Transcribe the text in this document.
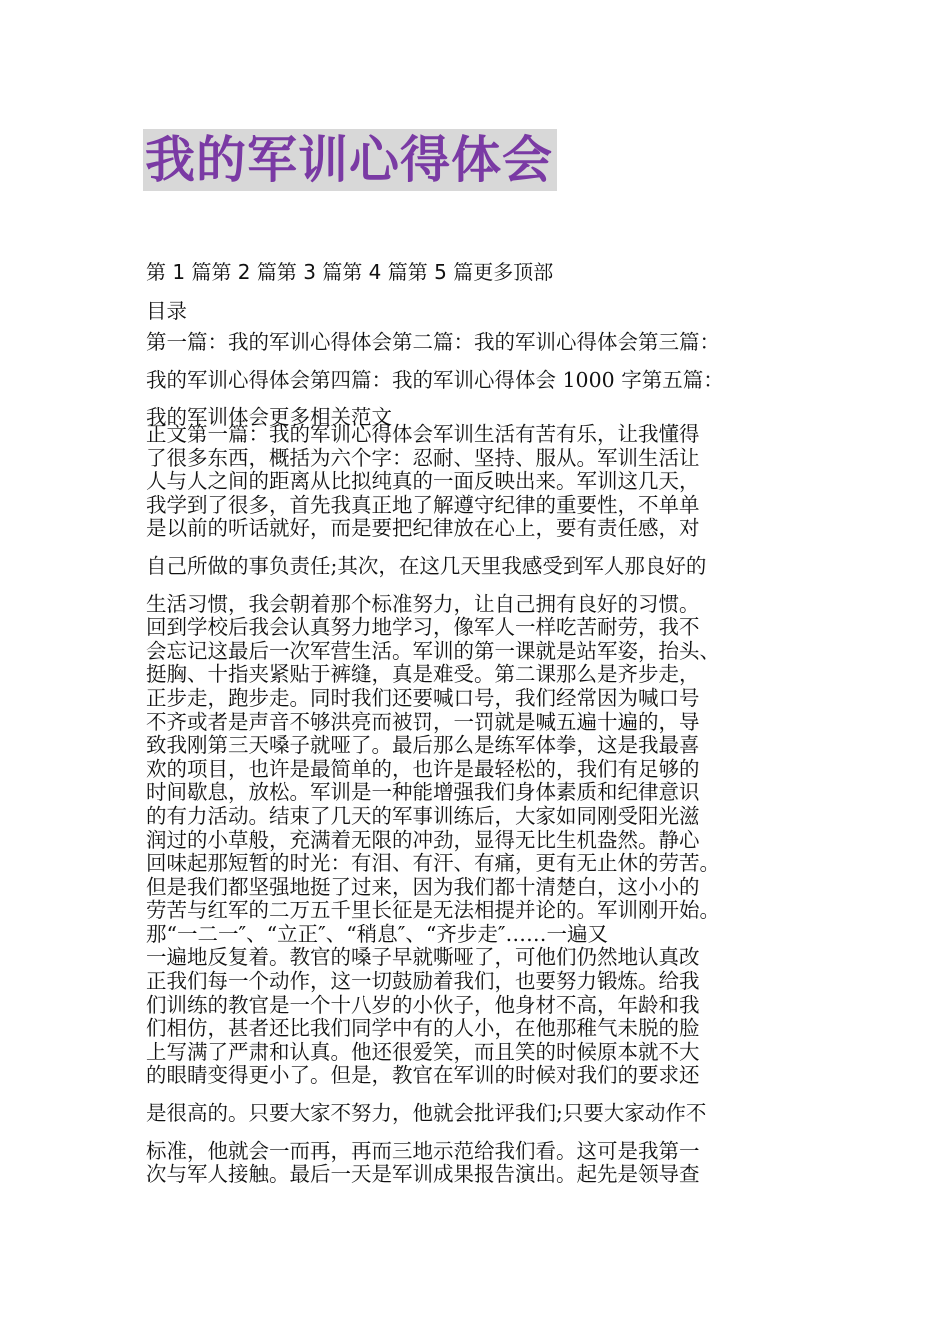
我的军训心得体会

第 1 篇第 2 篇第 3 篇第 4 篇第 5 篇更多顶部

目录

第一篇：我的军训心得体会第二篇：我的军训心得体会第三篇：

我的军训心得体会第四篇：我的军训心得体会 1000 字第五篇：

我的军训体会更多相关范文

正文第一篇：我的军训心得体会军训生活有苦有乐，让我懂得

了很多东西，概括为六个字：忍耐、坚持、服从。军训生活让

人与人之间的距离从比拟纯真的一面反映出来。军训这几天，

我学到了很多，首先我真正地了解遵守纪律的重要性，不单单

是以前的听话就好，而是要把纪律放在心上，要有责任感，对

自己所做的事负责任;其次，在这几天里我感受到军人那良好的

生活习惯，我会朝着那个标准努力，让自己拥有良好的习惯。

回到学校后我会认真努力地学习，像军人一样吃苦耐劳，我不

会忘记这最后一次军营生活。军训的第一课就是站军姿，抬头、

挺胸、十指夹紧贴于裤缝，真是难受。第二课那么是齐步走，

正步走，跑步走。同时我们还要喊口号，我们经常因为喊口号

不齐或者是声音不够洪亮而被罚，一罚就是喊五遍十遍的，导

致我刚第三天嗓子就哑了。最后那么是练军体拳，这是我最喜

欢的项目，也许是最简单的，也许是最轻松的，我们有足够的

时间歇息，放松。军训是一种能增强我们身体素质和纪律意识

的有力活动。结束了几天的军事训练后，大家如同刚受阳光滋

润过的小草般，充满着无限的冲劲，显得无比生机盎然。静心

回味起那短暂的时光：有泪、有汗、有痛，更有无止休的劳苦。

但是我们都坚强地挺了过来，因为我们都十清楚白，这小小的

劳苦与红军的二万五千里长征是无法相提并论的。军训刚开始。

那“一二一″、“立正″、“稍息″、“齐步走″……一遍又

一遍地反复着。教官的嗓子早就嘶哑了，可他们仍然地认真改

正我们每一个动作，这一切鼓励着我们，也要努力锻炼。给我

们训练的教官是一个十八岁的小伙子，他身材不高，年龄和我

们相仿，甚者还比我们同学中有的人小，在他那稚气未脱的脸

上写满了严肃和认真。他还很爱笑，而且笑的时候原本就不大

的眼睛变得更小了。但是，教官在军训的时候对我们的要求还

是很高的。只要大家不努力，他就会批评我们;只要大家动作不

标准，他就会一而再，再而三地示范给我们看。这可是我第一

次与军人接触。最后一天是军训成果报告演出。起先是领导查
